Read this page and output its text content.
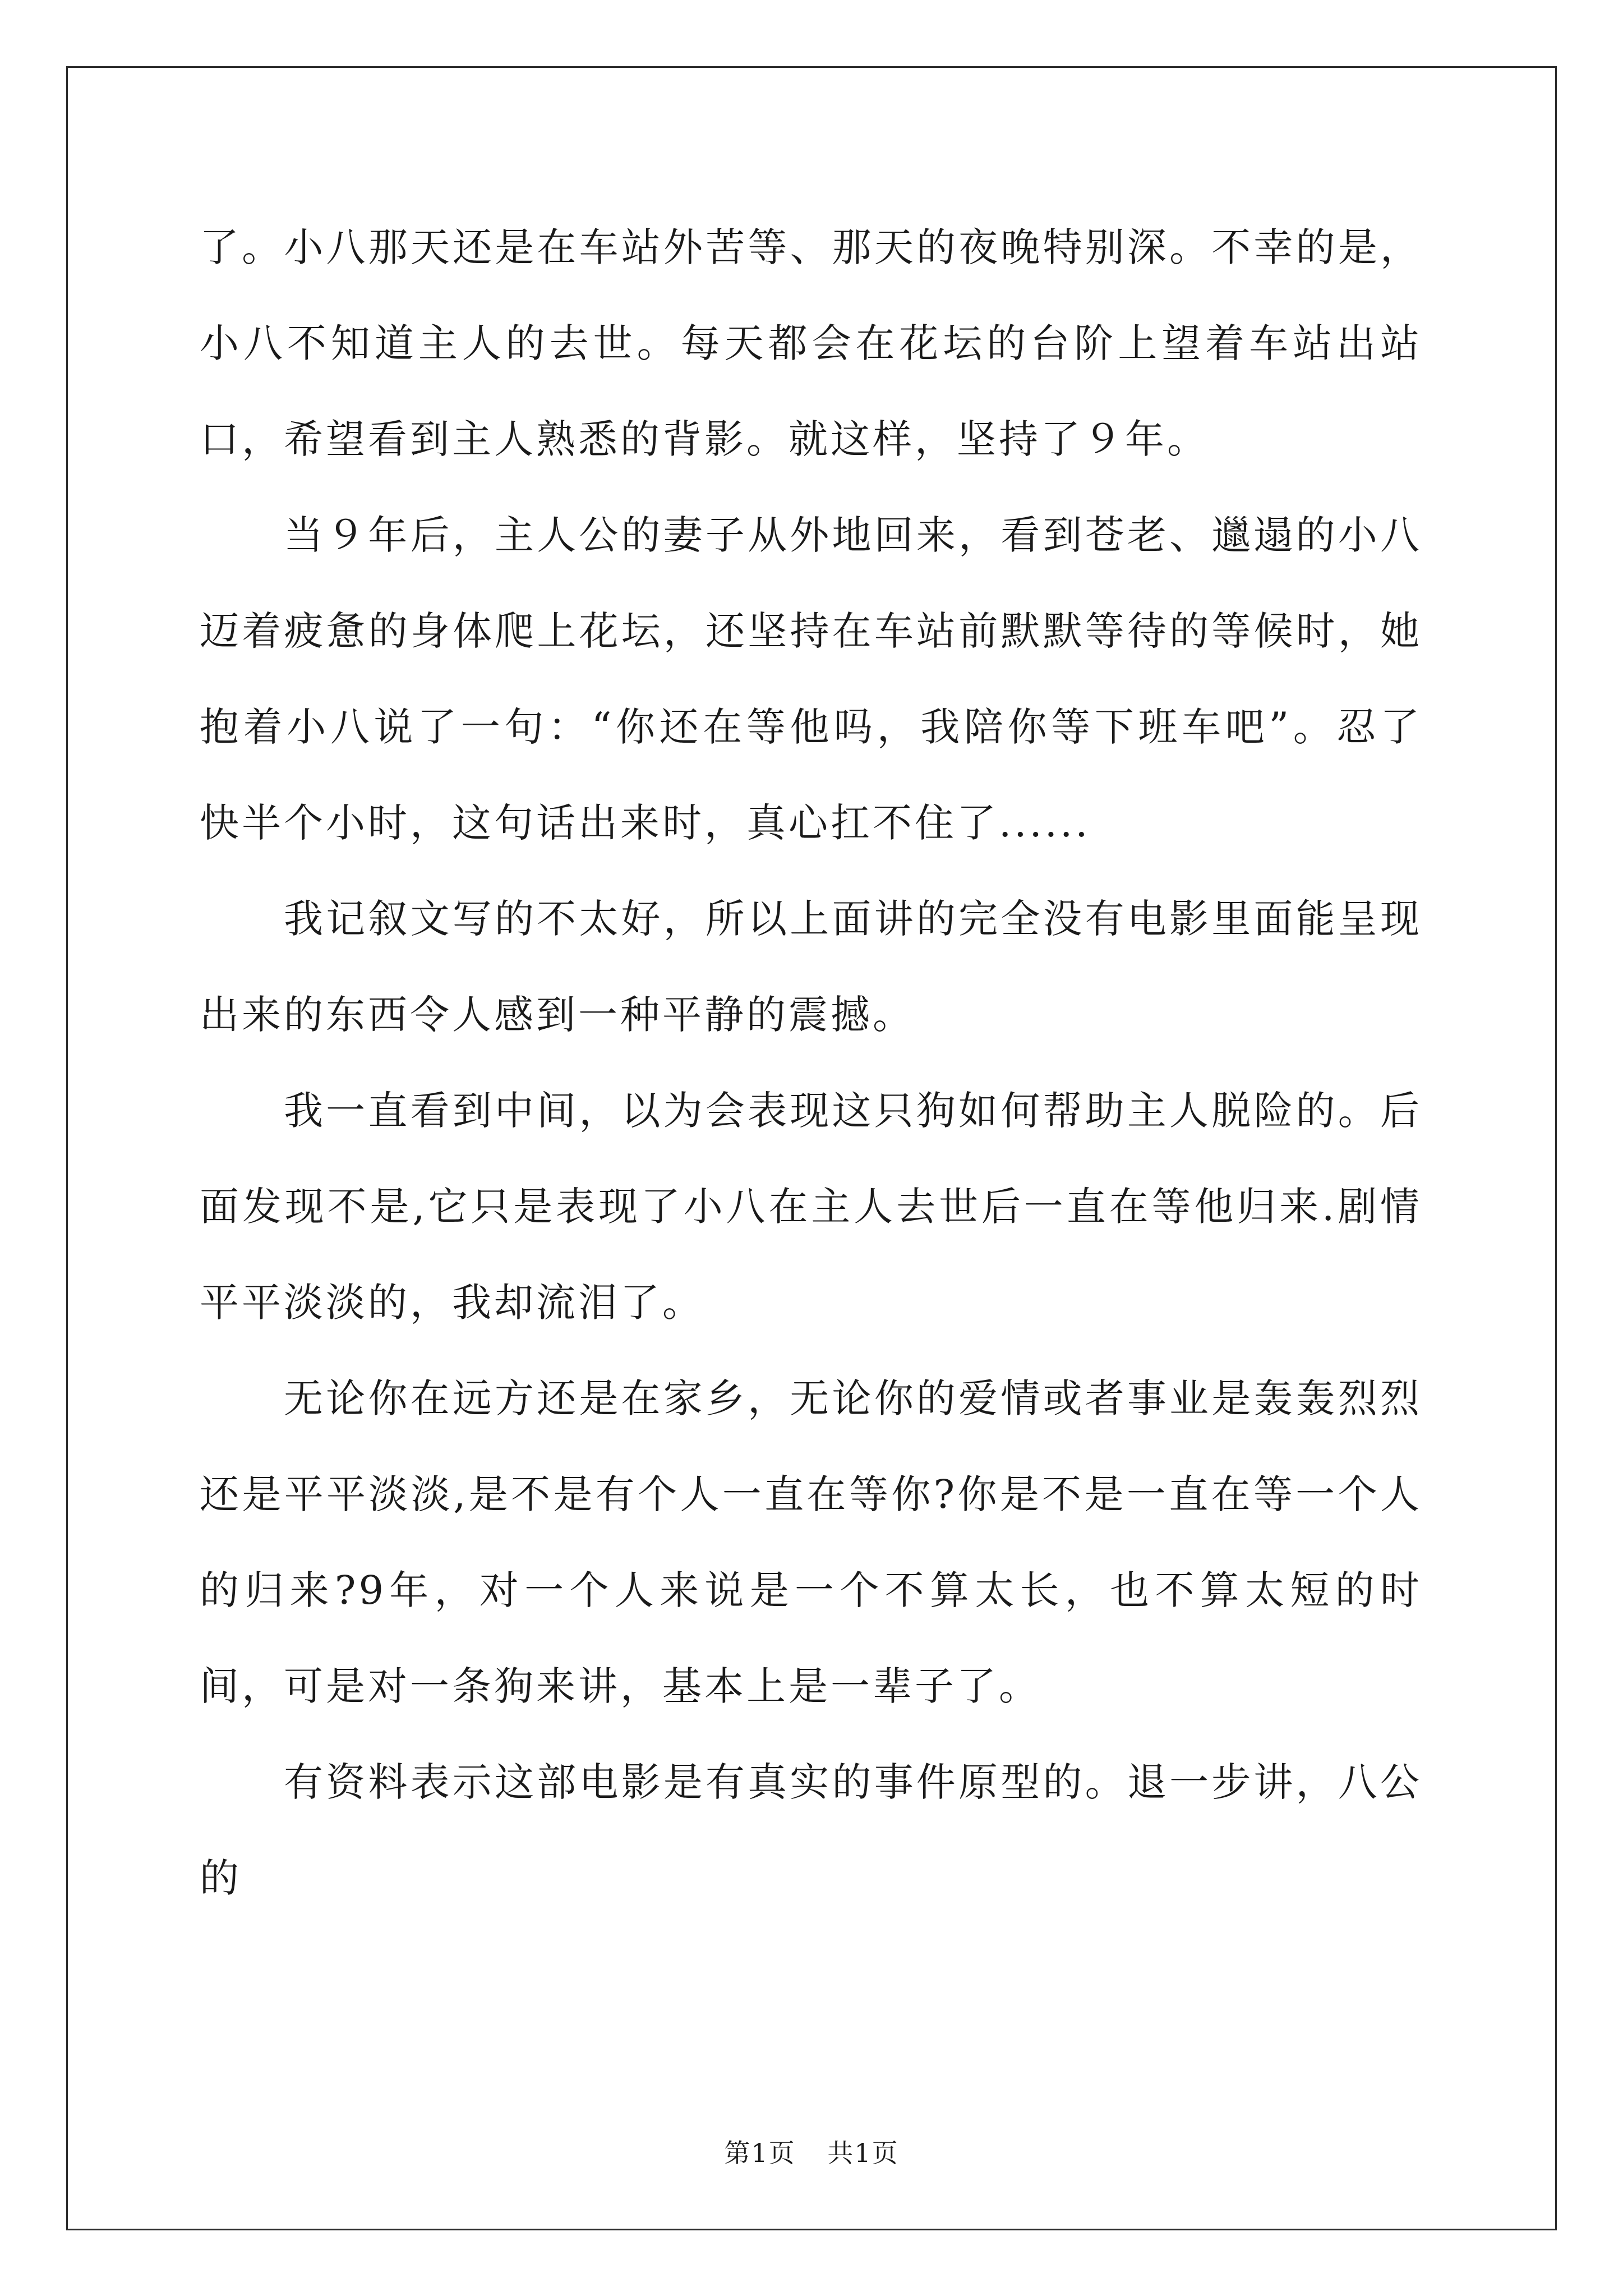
了。小八那天还是在车站外苦等、那天的夜晚特别深。不幸的是，小八不知道主人的去世。每天都会在花坛的台阶上望着车站出站口，希望看到主人熟悉的背影。就这样，坚持了９年。

当９年后，主人公的妻子从外地回来，看到苍老、邋遢的小八迈着疲惫的身体爬上花坛，还坚持在车站前默默等待的等候时，她抱着小八说了一句：“你还在等他吗，我陪你等下班车吧”。忍了快半个小时，这句话出来时，真心扛不住了......

我记叙文写的不太好，所以上面讲的完全没有电影里面能呈现出来的东西令人感到一种平静的震撼。

我一直看到中间，以为会表现这只狗如何帮助主人脱险的。后面发现不是,它只是表现了小八在主人去世后一直在等他归来.剧情平平淡淡的，我却流泪了。

无论你在远方还是在家乡，无论你的爱情或者事业是轰轰烈烈还是平平淡淡,是不是有个人一直在等你?你是不是一直在等一个人的归来?9年，对一个人来说是一个不算太长，也不算太短的时间，可是对一条狗来讲，基本上是一辈子了。

有资料表示这部电影是有真实的事件原型的。退一步讲，八公的

第1页 共1页
